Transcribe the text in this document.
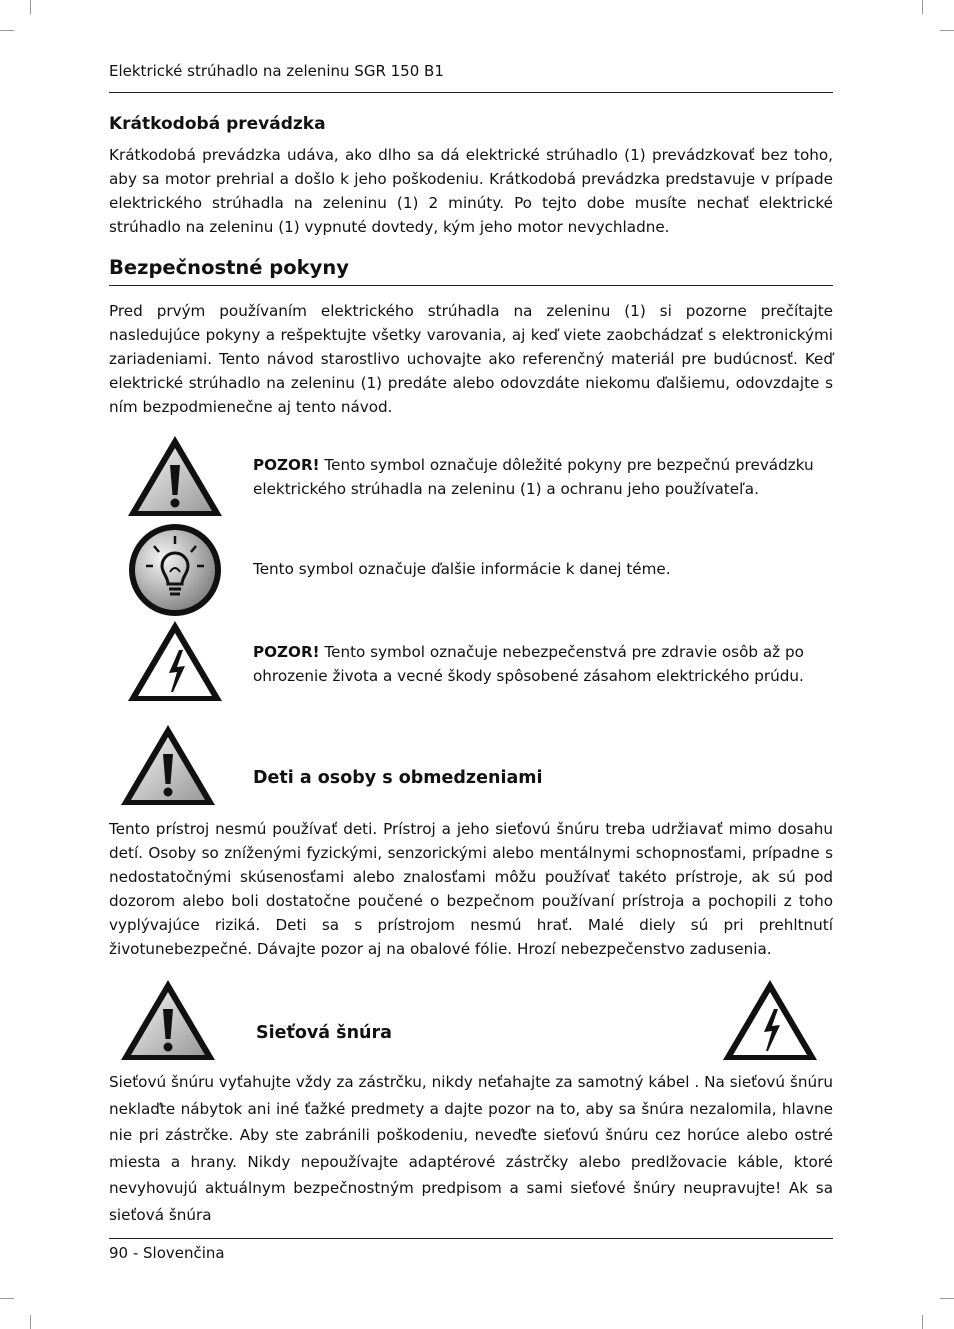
Elektrické strúhadlo na zeleninu SGR 150 B1
Krátkodobá prevádzka
Krátkodobá prevádzka udáva, ako dlho sa dá elektrické strúhadlo (1) prevádzkovať bez toho, aby sa motor prehrial a došlo k jeho poškodeniu. Krátkodobá prevádzka predstavuje v prípade elektrického strúhadla na zeleninu (1) 2 minúty. Po tejto dobe musíte nechať elektrické strúhadlo na zeleninu (1) vypnuté dovtedy, kým jeho motor nevychladne.
Bezpečnostné pokyny
Pred prvým používaním elektrického strúhadla na zeleninu (1) si pozorne prečítajte nasledujúce pokyny a rešpektujte všetky varovania, aj keď viete zaobchádzať s elektronickými zariadeniami. Tento návod starostlivo uchovajte ako referenčný materiál pre budúcnosť. Keď elektrické strúhadlo na zeleninu (1) predáte alebo odovzdáte niekomu ďalšiemu, odovzdajte s ním bezpodmienečne aj tento návod.
POZOR! Tento symbol označuje dôležité pokyny pre bezpečnú prevádzku elektrického strúhadla na zeleninu (1) a ochranu jeho používateľa.
Tento symbol označuje ďalšie informácie k danej téme.
POZOR! Tento symbol označuje nebezpečenstvá pre zdravie osôb až po ohrozenie života a vecné škody spôsobené zásahom elektrického prúdu.
Deti a osoby s obmedzeniami
Tento prístroj nesmú používať deti. Prístroj a jeho sieťovú šnúru treba udržiavať mimo dosahu detí. Osoby so zníženými fyzickými, senzorickými alebo mentálnymi schopnosťami, prípadne s nedostatočnými skúsenosťami alebo znalosťami môžu používať takéto prístroje, ak sú pod dozorom alebo boli dostatočne poučené o bezpečnom používaní prístroja a pochopili z toho vyplývajúce riziká. Deti sa s prístrojom nesmú hrať. Malé diely sú pri prehltnutí životunebezpečné. Dávajte pozor aj na obalové fólie. Hrozí nebezpečenstvo zadusenia.
Sieťová šnúra
Sieťovú šnúru vyťahujte vždy za zástrčku, nikdy neťahajte za samotný kábel . Na sieťovú šnúru neklaďte nábytok ani iné ťažké predmety a dajte pozor na to, aby sa šnúra nezalomila, hlavne nie pri zástrčke. Aby ste zabránili poškodeniu, neveďte sieťovú šnúru cez horúce alebo ostré miesta a hrany. Nikdy nepoužívajte adaptérové zástrčky alebo predlžovacie káble, ktoré nevyhovujú aktuálnym bezpečnostným predpisom a sami sieťové šnúry neupravujte! Ak sa sieťová šnúra
90 - Slovenčina
